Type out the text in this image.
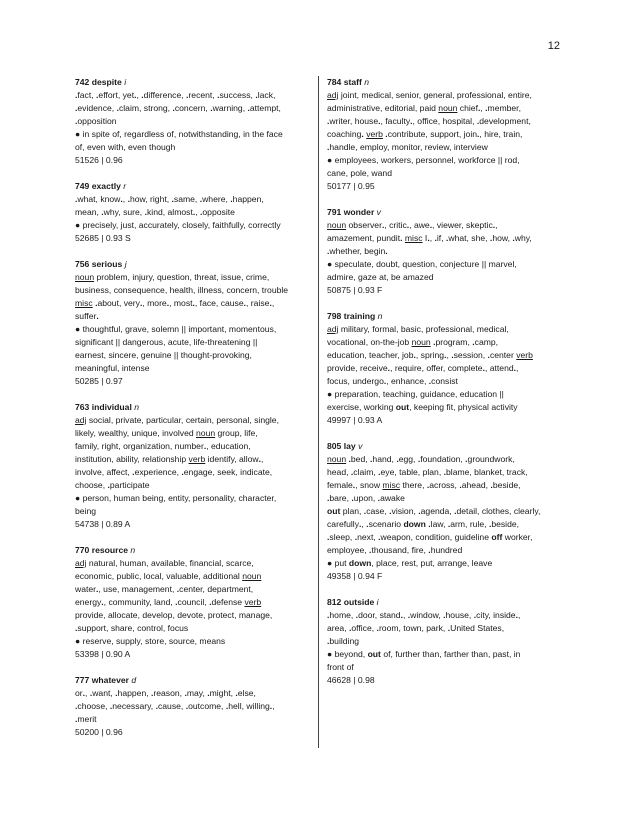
12
742 despite i
.fact, .effort, yet., .difference, .recent, .success, .lack,
.evidence, .claim, strong, .concern, .warning, .attempt,
.opposition
● in spite of, regardless of, notwithstanding, in the face
of, even with, even though
51526 | 0.96
749 exactly r
.what, know., .how, right, .same, .where, .happen,
mean, .why, sure, .kind, almost., .opposite
● precisely, just, accurately, closely, faithfully, correctly
52685 | 0.93 S
756 serious j
noun problem, injury, question, threat, issue, crime,
business, consequence, health, illness, concern, trouble
misc .about, very., more., most., face, cause., raise.,
suffer.
● thoughtful, grave, solemn || important, momentous,
significant || dangerous, acute, life-threatening ||
earnest, sincere, genuine || thought-provoking,
meaningful, intense
50285 | 0.97
763 individual n
adj social, private, particular, certain, personal, single,
likely, wealthy, unique, involved noun group, life,
family, right, organization, number., education,
institution, ability, relationship verb identify, allow.,
involve, affect, .experience, .engage, seek, indicate,
choose, .participate
● person, human being, entity, personality, character,
being
54738 | 0.89 A
770 resource n
adj natural, human, available, financial, scarce,
economic, public, local, valuable, additional noun
water., use, management, .center, department,
energy., community, land, .council, .defense verb
provide, allocate, develop, devote, protect, manage,
.support, share, control, focus
● reserve, supply, store, source, means
53398 | 0.90 A
777 whatever d
or., .want, .happen, .reason, .may, .might, .else,
.choose, .necessary, .cause, .outcome, .hell, willing.,
.merit
50200 | 0.96
784 staff n
adj joint, medical, senior, general, professional, entire,
administrative, editorial, paid noun chief., .member,
.writer, house., faculty., office, hospital, .development,
coaching. verb .contribute, support, join., hire, train,
.handle, employ, monitor, review, interview
● employees, workers, personnel, workforce || rod,
cane, pole, wand
50177 | 0.95
791 wonder v
noun observer., critic., awe., viewer, skeptic.,
amazement, pundit. misc I., .if, .what, she, .how, .why,
.whether, begin.
● speculate, doubt, question, conjecture || marvel,
admire, gaze at, be amazed
50875 | 0.93 F
798 training n
adj military, formal, basic, professional, medical,
vocational, on-the-job noun .program, .camp,
education, teacher, job., spring., .session, .center verb
provide, receive., require, offer, complete., attend.,
focus, undergo., enhance, .consist
● preparation, teaching, guidance, education ||
exercise, working out, keeping fit, physical activity
49997 | 0.93 A
805 lay v
noun .bed, .hand, .egg, .foundation, .groundwork,
head, .claim, .eye, table, plan, .blame, blanket, track,
female., snow misc there, .across, .ahead, .beside,
.bare, .upon, .awake
out plan, .case, .vision, .agenda, .detail, clothes, clearly,
carefully., .scenario down .law, .arm, rule, .beside,
.sleep, .next, .weapon, condition, guideline off worker,
employee, .thousand, fire, .hundred
● put down, place, rest, put, arrange, leave
49358 | 0.94 F
812 outside i
.home, .door, stand., .window, .house, .city, inside.,
area, .office, .room, town, park, .United States,
.building
● beyond, out of, further than, farther than, past, in
front of
46628 | 0.98
